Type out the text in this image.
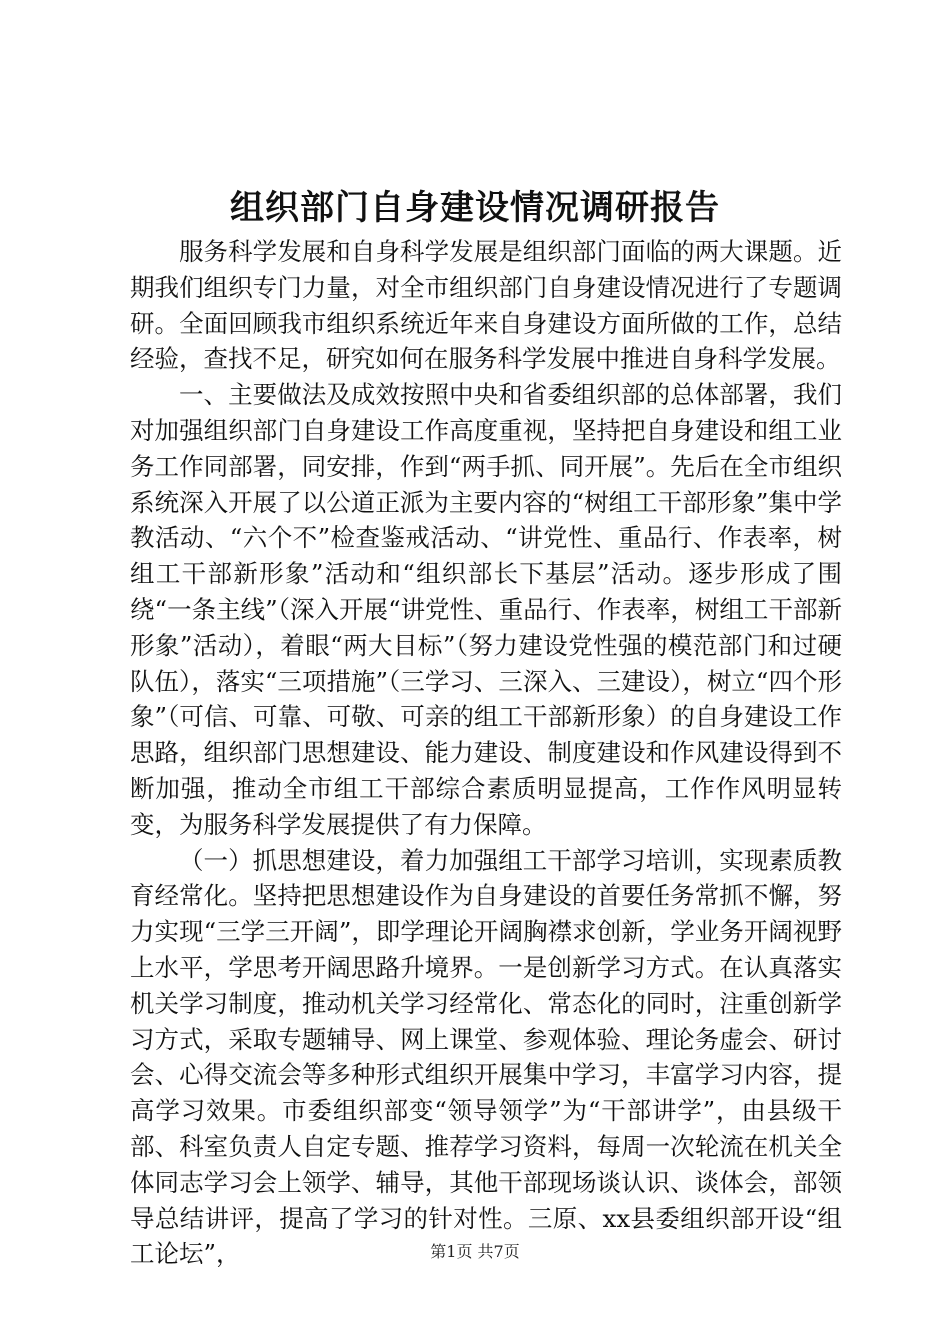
组织部门自身建设情况调研报告

服务科学发展和自身科学发展是组织部门面临的两大课题。近期我们组织专门力量，对全市组织部门自身建设情况进行了专题调研。全面回顾我市组织系统近年来自身建设方面所做的工作，总结经验，查找不足，研究如何在服务科学发展中推进自身科学发展。

一、主要做法及成效按照中央和省委组织部的总体部署，我们对加强组织部门自身建设工作高度重视，坚持把自身建设和组工业务工作同部署，同安排，作到“两手抓、同开展”。先后在全市组织系统深入开展了以公道正派为主要内容的“树组工干部形象”集中学教活动、“六个不”检查鉴戒活动、“讲党性、重品行、作表率，树组工干部新形象”活动和“组织部长下基层”活动。逐步形成了围绕“一条主线”（深入开展“讲党性、重品行、作表率，树组工干部新形象”活动），着眼“两大目标”（努力建设党性强的模范部门和过硬队伍），落实“三项措施”（三学习、三深入、三建设），树立“四个形象”（可信、可靠、可敬、可亲的组工干部新形象）的自身建设工作思路，组织部门思想建设、能力建设、制度建设和作风建设得到不断加强，推动全市组工干部综合素质明显提高，工作作风明显转变，为服务科学发展提供了有力保障。

（一）抓思想建设，着力加强组工干部学习培训，实现素质教育经常化。坚持把思想建设作为自身建设的首要任务常抓不懈，努力实现“三学三开阔”，即学理论开阔胸襟求创新，学业务开阔视野上水平，学思考开阔思路升境界。一是创新学习方式。在认真落实机关学习制度，推动机关学习经常化、常态化的同时，注重创新学习方式，采取专题辅导、网上课堂、参观体验、理论务虚会、研讨会、心得交流会等多种形式组织开展集中学习，丰富学习内容，提高学习效果。市委组织部变“领导领学”为“干部讲学”，由县级干部、科室负责人自定专题、推荐学习资料，每周一次轮流在机关全体同志学习会上领学、辅导，其他干部现场谈认识、谈体会，部领导总结讲评，提高了学习的针对性。三原、xx县委组织部开设“组工论坛”，	第1页 共7页
